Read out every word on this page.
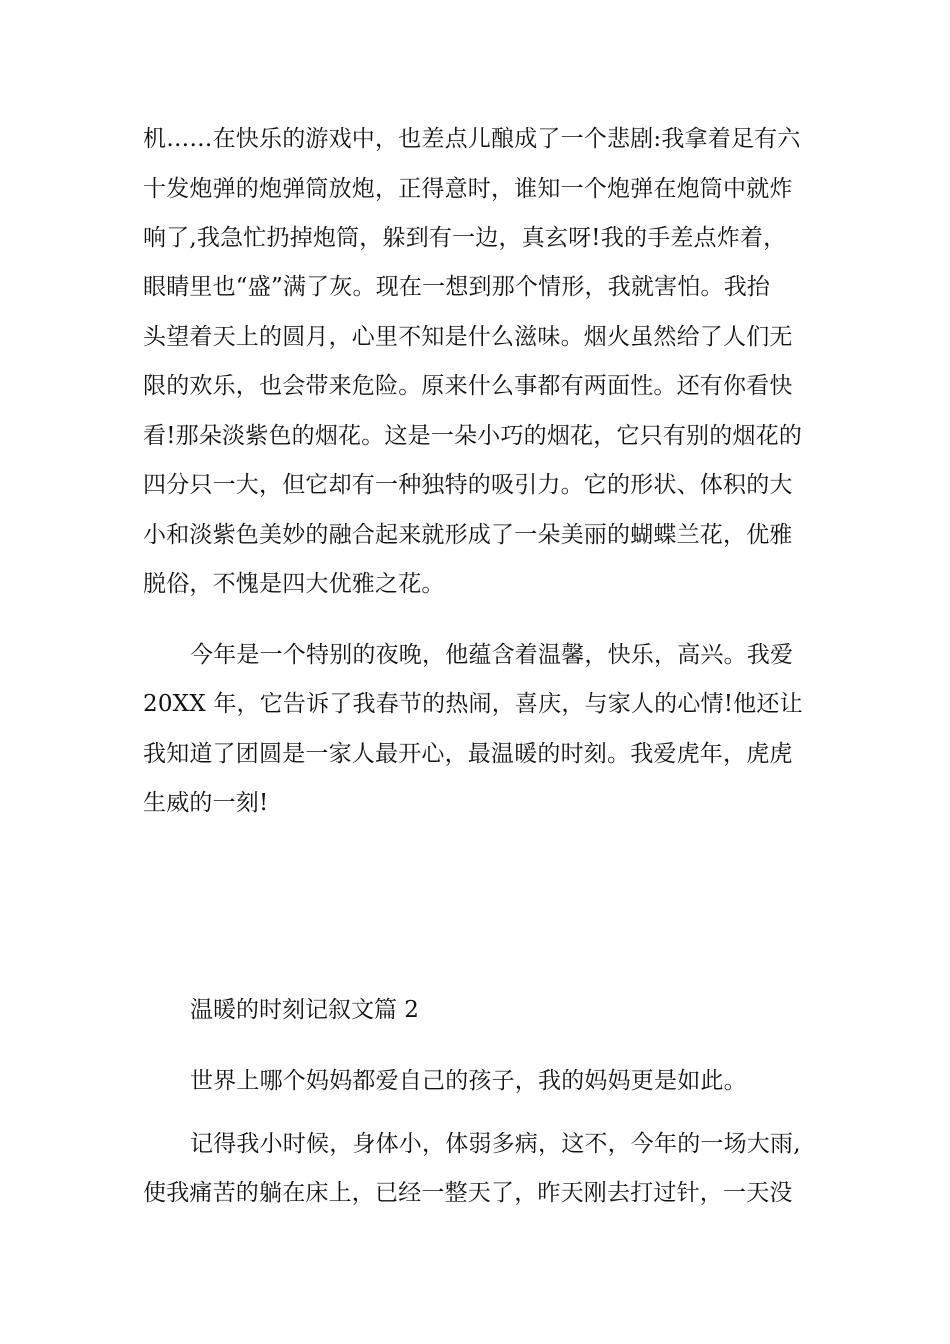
机……在快乐的游戏中，也差点儿酿成了一个悲剧:我拿着足有六
十发炮弹的炮弹筒放炮，正得意时，谁知一个炮弹在炮筒中就炸
响了,我急忙扔掉炮筒，躲到有一边，真玄呀!我的手差点炸着，
眼睛里也“盛”满了灰。现在一想到那个情形，我就害怕。我抬
头望着天上的圆月，心里不知是什么滋味。烟火虽然给了人们无
限的欢乐，也会带来危险。原来什么事都有两面性。还有你看快
看!那朵淡紫色的烟花。这是一朵小巧的烟花，它只有别的烟花的
四分只一大，但它却有一种独特的吸引力。它的形状、体积的大
小和淡紫色美妙的融合起来就形成了一朵美丽的蝴蝶兰花，优雅
脱俗，不愧是四大优雅之花。
今年是一个特别的夜晚，他蕴含着温馨，快乐，高兴。我爱
20XX 年，它告诉了我春节的热闹，喜庆，与家人的心情!他还让
我知道了团圆是一家人最开心，最温暖的时刻。我爱虎年，虎虎
生威的一刻!
温暖的时刻记叙文篇 2
世界上哪个妈妈都爱自己的孩子，我的妈妈更是如此。
记得我小时候，身体小，体弱多病，这不，今年的一场大雨,
使我痛苦的躺在床上，已经一整天了，昨天刚去打过针，一天没
